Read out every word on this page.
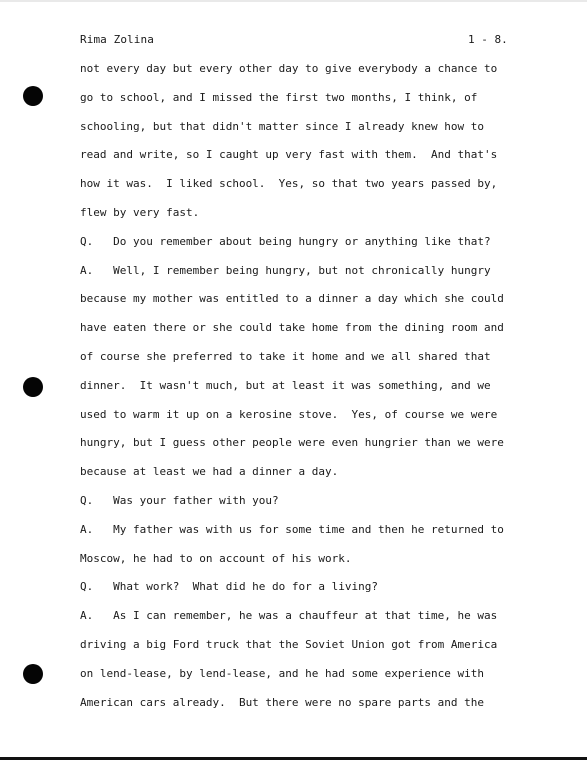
Rima Zolina	1 - 8.
not every day but every other day to give everybody a chance to
go to school, and I missed the first two months, I think, of
schooling, but that didn't matter since I already knew how to
read and write, so I caught up very fast with them.  And that's
how it was.  I liked school.  Yes, so that two years passed by,
flew by very fast.
Q.   Do you remember about being hungry or anything like that?
A.   Well, I remember being hungry, but not chronically hungry
because my mother was entitled to a dinner a day which she could
have eaten there or she could take home from the dining room and
of course she preferred to take it home and we all shared that
dinner.  It wasn't much, but at least it was something, and we
used to warm it up on a kerosine stove.  Yes, of course we were
hungry, but I guess other people were even hungrier than we were
because at least we had a dinner a day.
Q.   Was your father with you?
A.   My father was with us for some time and then he returned to
Moscow, he had to on account of his work.
Q.   What work?  What did he do for a living?
A.   As I can remember, he was a chauffeur at that time, he was
driving a big Ford truck that the Soviet Union got from America
on lend-lease, by lend-lease, and he had some experience with
American cars already.  But there were no spare parts and the
